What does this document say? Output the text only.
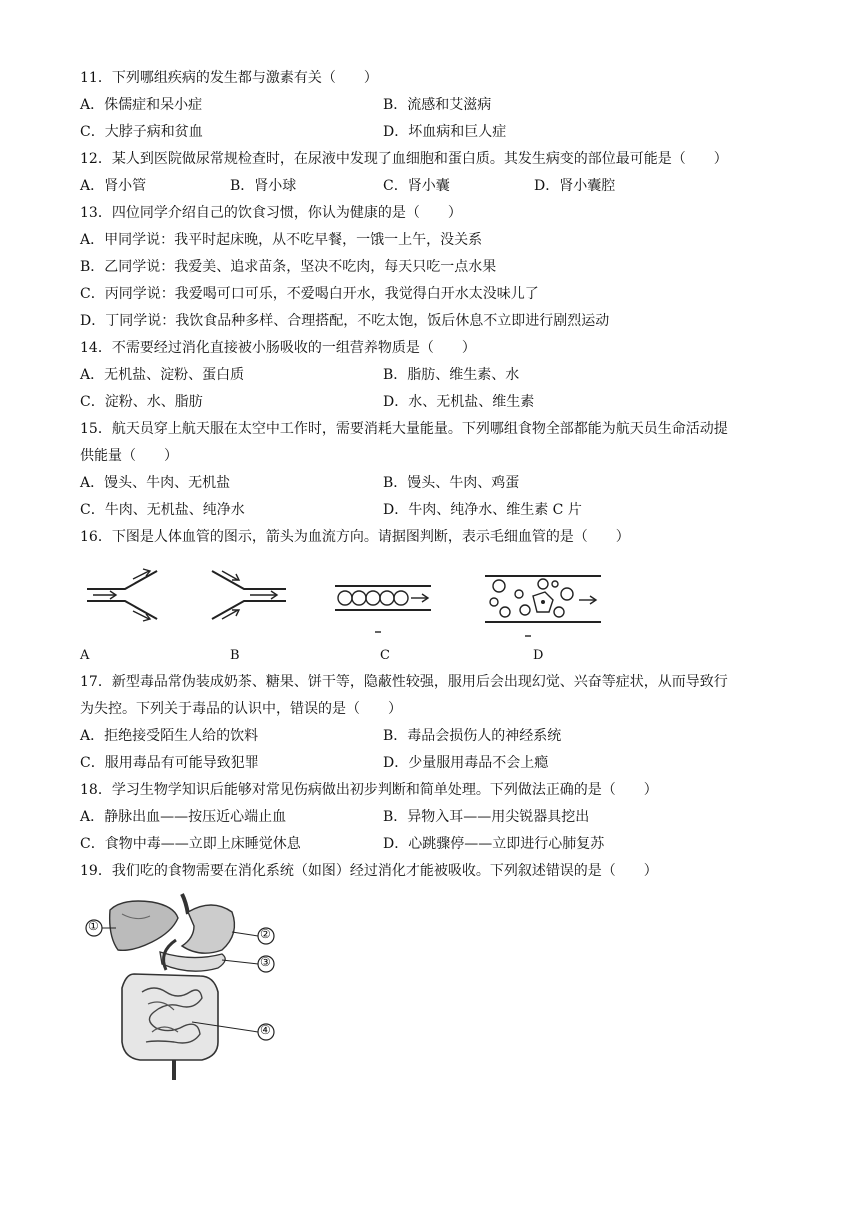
11．下列哪组疾病的发生都与激素有关（　　）
A．侏儒症和呆小症	B．流感和艾滋病
C．大脖子病和贫血	D．坏血病和巨人症
12．某人到医院做尿常规检查时，在尿液中发现了血细胞和蛋白质。其发生病变的部位最可能是（　　）
A．肾小管	B．肾小球	C．肾小囊	D．肾小囊腔
13．四位同学介绍自己的饮食习惯，你认为健康的是（　　）
A．甲同学说：我平时起床晚，从不吃早餐，一饿一上午，没关系
B．乙同学说：我爱美、追求苗条，坚决不吃肉，每天只吃一点水果
C．丙同学说：我爱喝可口可乐，不爱喝白开水，我觉得白开水太没味儿了
D．丁同学说：我饮食品种多样、合理搭配，不吃太饱，饭后休息不立即进行剧烈运动
14．不需要经过消化直接被小肠吸收的一组营养物质是（　　）
A．无机盐、淀粉、蛋白质	B．脂肪、维生素、水
C．淀粉、水、脂肪	D．水、无机盐、维生素
15．航天员穿上航天服在太空中工作时，需要消耗大量能量。下列哪组食物全部都能为航天员生命活动提
供能量（　　）
A．馒头、牛肉、无机盐	B．馒头、牛肉、鸡蛋
C．牛肉、无机盐、纯净水	D．牛肉、纯净水、维生素 C 片
16．下图是人体血管的图示，箭头为血流方向。请据图判断，表示毛细血管的是（　　）
A	B	C	D
17．新型毒品常伪装成奶茶、糖果、饼干等，隐蔽性较强，服用后会出现幻觉、兴奋等症状，从而导致行
为失控。下列关于毒品的认识中，错误的是（　　）
A．拒绝接受陌生人给的饮料	B．毒品会损伤人的神经系统
C．服用毒品有可能导致犯罪	D．少量服用毒品不会上瘾
18．学习生物学知识后能够对常见伤病做出初步判断和简单处理。下列做法正确的是（　　）
A．静脉出血——按压近心端止血	B．异物入耳——用尖锐器具挖出
C．食物中毒——立即上床睡觉休息	D．心跳骤停——立即进行心肺复苏
19．我们吃的食物需要在消化系统（如图）经过消化才能被吸收。下列叙述错误的是（　　）
①
②
③
④
